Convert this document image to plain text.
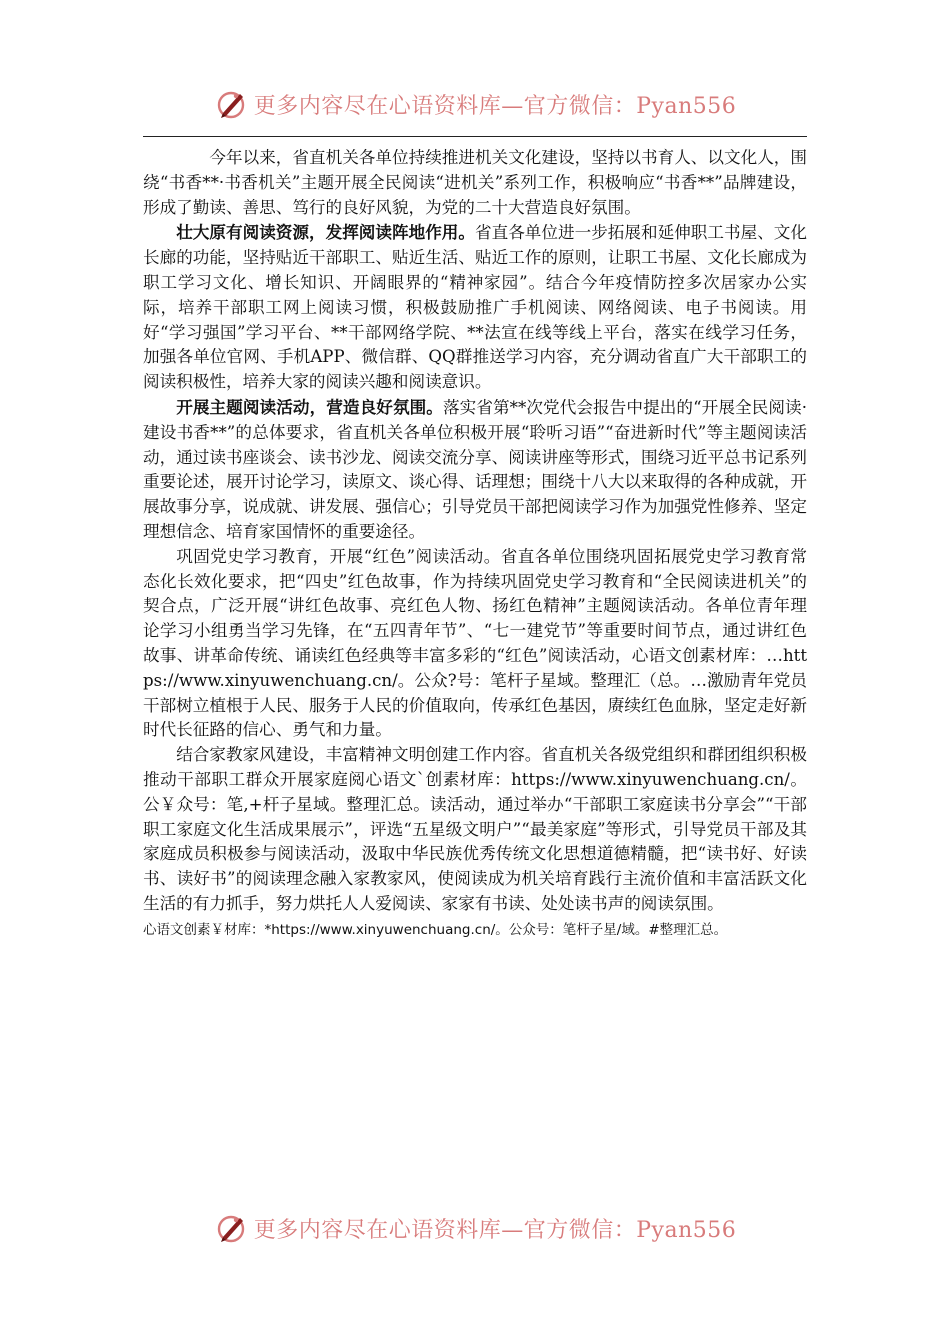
更多内容尽在心语资料库—官方微信：Pyan556

今年以来，省直机关各单位持续推进机关文化建设，坚持以书育人、以文化人，围绕“书香**·书香机关”主题开展全民阅读“进机关”系列工作，积极响应“书香**”品牌建设，形成了勤读、善思、笃行的良好风貌，为党的二十大营造良好氛围。

壮大原有阅读资源，发挥阅读阵地作用。省直各单位进一步拓展和延伸职工书屋、文化长廊的功能，坚持贴近干部职工、贴近生活、贴近工作的原则，让职工书屋、文化长廊成为职工学习文化、增长知识、开阔眼界的“精神家园”。结合今年疫情防控多次居家办公实际，培养干部职工网上阅读习惯，积极鼓励推广手机阅读、网络阅读、电子书阅读。用好“学习强国”学习平台、**干部网络学院、**法宣在线等线上平台，落实在线学习任务，加强各单位官网、手机APP、微信群、QQ群推送学习内容，充分调动省直广大干部职工的阅读积极性，培养大家的阅读兴趣和阅读意识。

开展主题阅读活动，营造良好氛围。落实省第**次党代会报告中提出的“开展全民阅读·建设书香**”的总体要求，省直机关各单位积极开展“聆听习语”“奋进新时代”等主题阅读活动，通过读书座谈会、读书沙龙、阅读交流分享、阅读讲座等形式，围绕习近平总书记系列重要论述，展开讨论学习，读原文、谈心得、话理想；围绕十八大以来取得的各种成就，开展故事分享，说成就、讲发展、强信心；引导党员干部把阅读学习作为加强党性修养、坚定理想信念、培育家国情怀的重要途径。

巩固党史学习教育，开展“红色”阅读活动。省直各单位围绕巩固拓展党史学习教育常态化长效化要求，把“四史”红色故事，作为持续巩固党史学习教育和“全民阅读进机关”的契合点，广泛开展“讲红色故事、亮红色人物、扬红色精神”主题阅读活动。各单位青年理论学习小组勇当学习先锋，在“五四青年节”、“七一建党节”等重要时间节点，通过讲红色故事、讲革命传统、诵读红色经典等丰富多彩的“红色”阅读活动，心语文创素材库：…https://www.xinyuwenchuang.cn/。公众?号：笔杆子星域。整理汇（总。…激励青年党员干部树立植根于人民、服务于人民的价值取向，传承红色基因，赓续红色血脉，坚定走好新时代长征路的信心、勇气和力量。

结合家教家风建设，丰富精神文明创建工作内容。省直机关各级党组织和群团组织积极推动干部职工群众开展家庭阅心语文`创素材库：https://www.xinyuwenchuang.cn/。公￥众号：笔,+杆子星域。整理汇总。读活动，通过举办“干部职工家庭读书分享会”“干部职工家庭文化生活成果展示”，评选“五星级文明户”“最美家庭”等形式，引导党员干部及其家庭成员积极参与阅读活动，汲取中华民族优秀传统文化思想道德精髓，把“读书好、好读书、读好书”的阅读理念融入家教家风，使阅读成为机关培育践行主流价值和丰富活跃文化生活的有力抓手，努力烘托人人爱阅读、家家有书读、处处读书声的阅读氛围。

心语文创素￥材库：*https://www.xinyuwenchuang.cn/。公众号：笔杆子星/域。#整理汇总。

更多内容尽在心语资料库—官方微信：Pyan556
